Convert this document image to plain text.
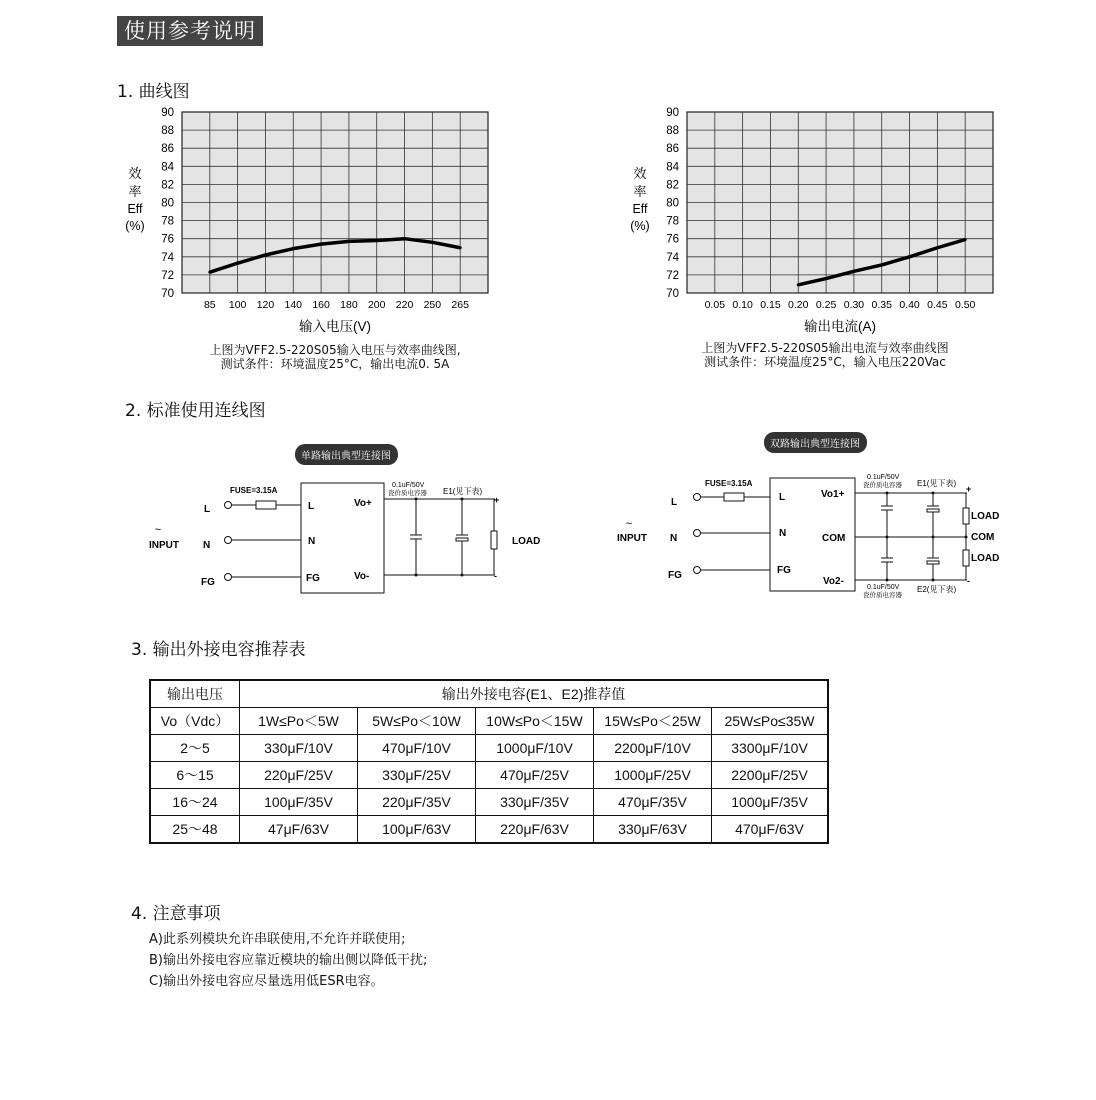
使用参考说明
1. 曲线图
90
88
86
84
82
80
78
76
74
72
70
85 100 120 140 160 180 200 220 250 265
效
率
Eff
(%)
输入电压(V)
上图为VFF2.5-220S05输入电压与效率曲线图,
测试条件：环境温度25°C，输出电流0. 5A
90
88
86
84
82
80
78
76
74
72
70
0.05 0.10 0.15 0.20 0.25 0.30 0.35 0.40 0.45 0.50
效
率
Eff
(%)
输出电流(A)
上图为VFF2.5-220S05输出电流与效率曲线图
测试条件：环境温度25°C，输入电压220Vac
2. 标准使用连线图
单路输出典型连接图
~
INPUT
L
N
FG
FUSE=3.15A
L
N
FG
Vo+
Vo-
0.1uF/50V
瓷价质电容器 E1(见下表)
+
-
LOAD
双路输出典型连接图
~
INPUT
L
N
FG
FUSE=3.15A
L
N
FG
Vo1+
COM
Vo2-
0.1uF/50V
瓷价质电容器 E1(见下表)
0.1uF/50V
瓷价质电容器
E2(见下表)
+
-
LOAD
COM
LOAD
3. 输出外接电容推荐表
输出电压	输出外接电容(E1、E2)推荐值				
Vo（Vdc）	1W≤Po＜5W	5W≤Po＜10W	10W≤Po＜15W	15W≤Po＜25W	25W≤Po≤35W
2～5	330μF/10V	470μF/10V	1000μF/10V	2200μF/10V	3300μF/10V
6～15	220μF/25V	330μF/25V	470μF/25V	1000μF/25V	2200μF/25V
16～24	100μF/35V	220μF/35V	330μF/35V	470μF/35V	1000μF/35V
25～48	47μF/63V	100μF/63V	220μF/63V	330μF/63V	470μF/63V
4. 注意事项
A)此系列模块允许串联使用,不允许并联使用;
B)输出外接电容应靠近模块的输出侧以降低干扰;
C)输出外接电容应尽量选用低ESR电容。
